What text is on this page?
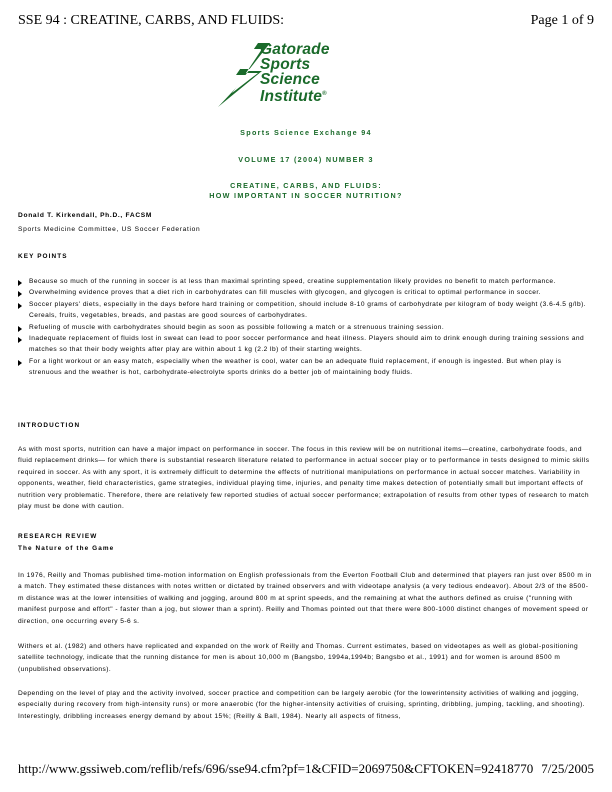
SSE 94 : CREATINE, CARBS, AND FLUIDS:	Page 1 of 9
Gatorade
Sports
Science
Institute®
Sports Science Exchange 94
VOLUME 17 (2004) NUMBER 3
CREATINE, CARBS, AND FLUIDS:
HOW IMPORTANT IN SOCCER NUTRITION?
Donald T. Kirkendall, Ph.D., FACSM
Sports Medicine Committee, US Soccer Federation
KEY POINTS
Because so much of the running in soccer is at less than maximal sprinting speed, creatine supplementation likely provides no benefit to match performance.
Overwhelming evidence proves that a diet rich in carbohydrates can fill muscles with glycogen, and glycogen is critical to optimal performance in soccer.
Soccer players' diets, especially in the days before hard training or competition, should include 8-10 grams of carbohydrate per kilogram of body weight (3.6-4.5 g/lb). Cereals, fruits, vegetables, breads, and pastas are good sources of carbohydrates.
Refueling of muscle with carbohydrates should begin as soon as possible following a match or a strenuous training session.
Inadequate replacement of fluids lost in sweat can lead to poor soccer performance and heat illness. Players should aim to drink enough during training sessions and matches so that their body weights after play are within about 1 kg (2.2 lb) of their starting weights.
For a light workout or an easy match, especially when the weather is cool, water can be an adequate fluid replacement, if enough is ingested. But when play is strenuous and the weather is hot, carbohydrate-electrolyte sports drinks do a better job of maintaining body fluids.
INTRODUCTION

As with most sports, nutrition can have a major impact on performance in soccer. The focus in this review will be on nutritional items—creatine, carbohydrate foods, and fluid replacement drinks— for which there is substantial research literature related to performance in actual soccer play or to performance in tests designed to mimic skills required in soccer. As with any sport, it is extremely difficult to determine the effects of nutritional manipulations on performance in actual soccer matches. Variability in opponents, weather, field characteristics, game strategies, individual playing time, injuries, and penalty time makes detection of potentially small but important effects of nutrition very problematic. Therefore, there are relatively few reported studies of actual soccer performance; extrapolation of results from other types of research to match play must be done with caution.

RESEARCH REVIEW
The Nature of the Game

In 1976, Reilly and Thomas published time-motion information on English professionals from the Everton Football Club and determined that players ran just over 8500 m in a match. They estimated these distances with notes written or dictated by trained observers and with videotape analysis (a very tedious endeavor). About 2/3 of the 8500-m distance was at the lower intensities of walking and jogging, around 800 m at sprint speeds, and the remaining at what the authors defined as cruise ("running with manifest purpose and effort" - faster than a jog, but slower than a sprint). Reilly and Thomas pointed out that there were 800-1000 distinct changes of movement speed or direction, one occurring every 5-6 s.

Withers et al. (1982) and others have replicated and expanded on the work of Reilly and Thomas. Current estimates, based on videotapes as well as global-positioning satellite technology, indicate that the running distance for men is about 10,000 m (Bangsbo, 1994a,1994b; Bangsbo et al., 1991) and for women is around 8500 m (unpublished observations).

Depending on the level of play and the activity involved, soccer practice and competition can be largely aerobic (for the lowerintensity activities of walking and jogging, especially during recovery from high-intensity runs) or more anaerobic (for the higher-intensity activities of cruising, sprinting, dribbling, jumping, tackling, and shooting). Interestingly, dribbling increases energy demand by about 15%; (Reilly & Ball, 1984). Nearly all aspects of fitness,

http://www.gssiweb.com/reflib/refs/696/sse94.cfm?pf=1&CFID=2069750&CFTOKEN=92418770 7/25/2005
